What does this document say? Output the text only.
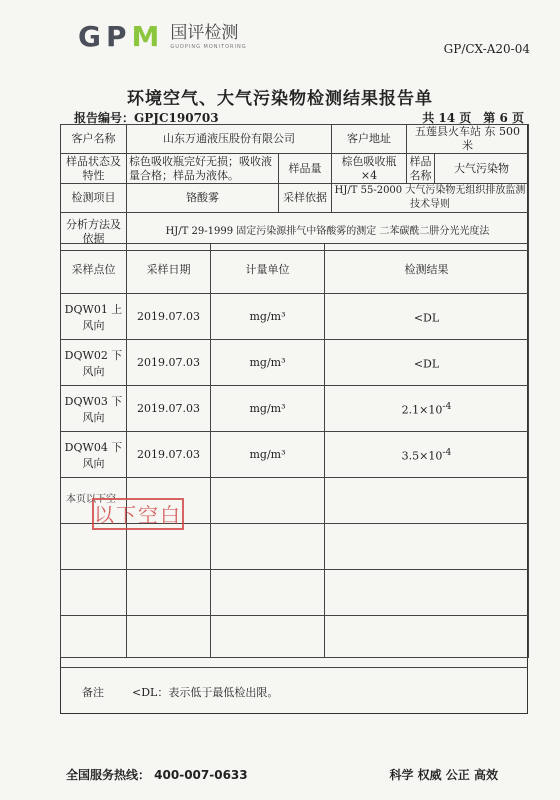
GPM 国评检测
GUOPING MONITORING	GP/CX-A20-04
环境空气、大气污染物检测结果报告单
报告编号：GPJC190703	共 14 页　第 6 页
客户名称	山东万通液压股份有限公司		客户地址	五莲县火车站 东 500 米	
样品状态及特性	棕色吸收瓶完好无损；吸收液量合格；样品为液体。	样品量	棕色吸收瓶×4	样品名称	大气污染物
检测项目	铬酸雾	采样依据	HJ/T 55-2000 大气污染物无组织排放监测技术导则		
分析方法及依据	HJ/T 29-1999 固定污染源排气中铬酸雾的测定 二苯碳酰二肼分光光度法				
采样点位	采样日期	计量单位	检测结果
DQW01 上风向	2019.07.03	mg/m³	<DL
DQW02 下风向	2019.07.03	mg/m³	<DL
DQW03 下风向	2019.07.03	mg/m³	$2.1\times 10^{-4}$
DQW04 下风向	2019.07.03	mg/m³	$3.5\times 10^{-4}$

本页以下空
以下空白
备注	<DL：表示低于最低检出限。
全国服务热线： 400-007-0633	科学 权威 公正 高效
